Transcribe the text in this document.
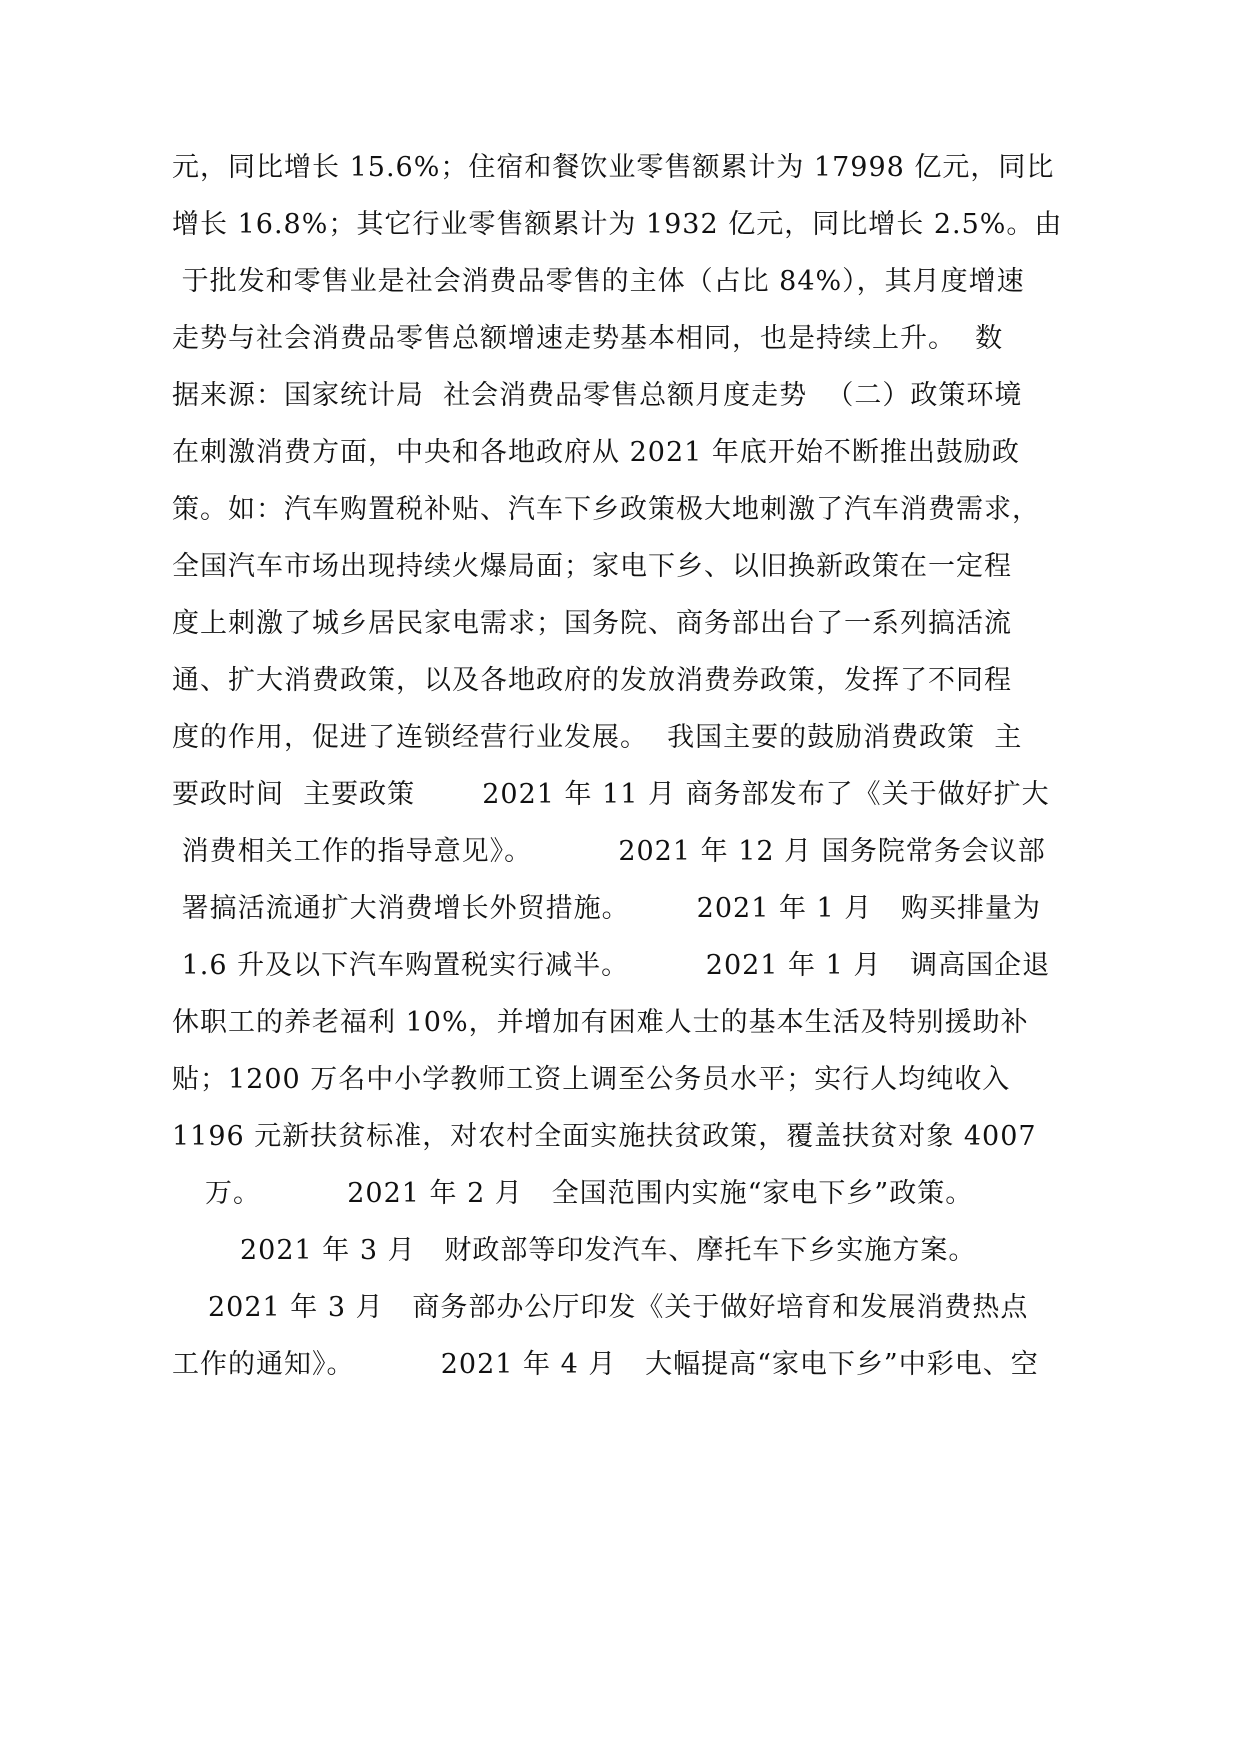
元，同比增长 15.6%；住宿和餐饮业零售额累计为 17998 亿元，同比
增长 16.8%；其它行业零售额累计为 1932 亿元，同比增长 2.5%。由
于批发和零售业是社会消费品零售的主体（占比 84%），其月度增速
走势与社会消费品零售总额增速走势基本相同，也是持续上升。  数
据来源：国家统计局  社会消费品零售总额月度走势  （二）政策环境
在刺激消费方面，中央和各地政府从 2021 年底开始不断推出鼓励政
策。如：汽车购置税补贴、汽车下乡政策极大地刺激了汽车消费需求，
全国汽车市场出现持续火爆局面；家电下乡、以旧换新政策在一定程
度上刺激了城乡居民家电需求；国务院、商务部出台了一系列搞活流
通、扩大消费政策，以及各地政府的发放消费券政策，发挥了不同程
度的作用，促进了连锁经营行业发展。  我国主要的鼓励消费政策  主
要政时间  主要政策       2021 年 11 月 商务部发布了《关于做好扩大
消费相关工作的指导意见》。         2021 年 12 月 国务院常务会议部
署搞活流通扩大消费增长外贸措施。       2021 年 1 月   购买排量为
1.6 升及以下汽车购置税实行减半。        2021 年 1 月   调高国企退
休职工的养老福利 10%，并增加有困难人士的基本生活及特别援助补
贴；1200 万名中小学教师工资上调至公务员水平；实行人均纯收入
1196 元新扶贫标准，对农村全面实施扶贫政策，覆盖扶贫对象 4007
万。         2021 年 2 月   全国范围内实施“家电下乡”政策。
2021 年 3 月   财政部等印发汽车、摩托车下乡实施方案。
2021 年 3 月   商务部办公厅印发《关于做好培育和发展消费热点
工作的通知》。         2021 年 4 月   大幅提高“家电下乡”中彩电、空
